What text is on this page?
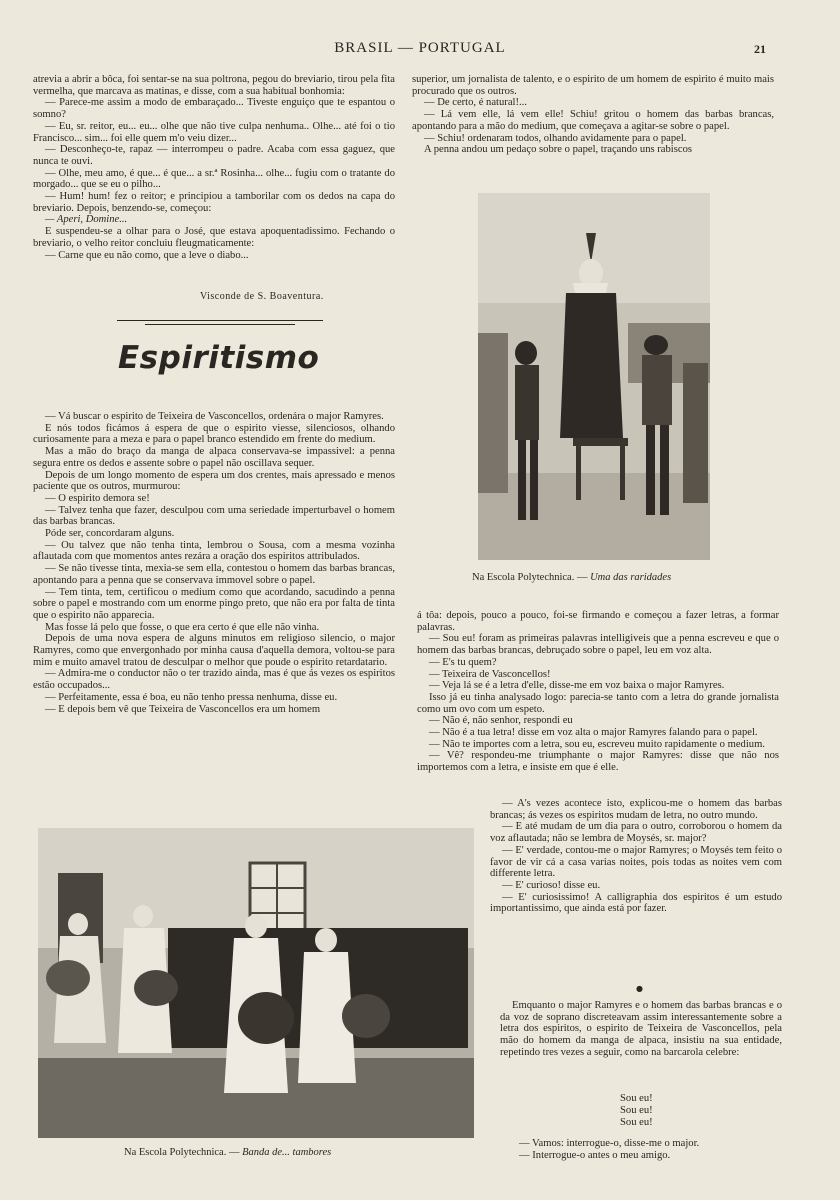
BRASIL — PORTUGAL	21

atrevia a abrir a bôca, foi sentar-se na sua poltrona, pegou do breviario, tirou pela fita vermelha, que marcava as matinas, e disse, com a sua habitual bonhomia:

— Parece-me assim a modo de embaraçado... Tiveste enguiço que te espantou o somno?

— Eu, sr. reitor, eu... eu... olhe que não tive culpa nenhuma.. Olhe... até foi o tio Francisco... sim... foi elle quem m'o veiu dizer...

— Desconheço-te, rapaz — interrompeu o padre. Acaba com essa gaguez, que nunca te ouvi.

— Olhe, meu amo, é que... é que... a sr.ª Rosinha... olhe... fugiu com o tratante do morgado... que se eu o pilho...

— Hum! hum! fez o reitor; e principiou a tamborilar com os dedos na capa do breviario. Depois, benzendo-se, começou:

— Aperi, Domine...

E suspendeu-se a olhar para o José, que estava apoquentadissimo. Fechando o breviario, o velho reitor concluiu fleugmaticamente:

— Carne que eu não como, que a leve o diabo...

Visconde de S. Boaventura.
Espiritismo

— Vá buscar o espirito de Teixeira de Vasconcellos, ordenára o major Ramyres.

E nós todos ficámos á espera de que o espirito viesse, silenciosos, olhando curiosamente para a meza e para o papel branco estendido em frente do medium.

Mas a mão do braço da manga de alpaca conservava-se impassivel: a penna segura entre os dedos e assente sobre o papel não oscillava sequer.

Depois de um longo momento de espera um dos crentes, mais apressado e menos paciente que os outros, murmurou:

— O espirito demora se!

— Talvez tenha que fazer, desculpou com uma seriedade imperturbavel o homem das barbas brancas.

Póde ser, concordaram alguns.

— Ou talvez que não tenha tinta, lembrou o Sousa, com a mesma vozinha aflautada com que momentos antes rezára a oração dos espiritos attribulados.

— Se não tivesse tinta, mexia-se sem ella, contestou o homem das barbas brancas, apontando para a penna que se conservava immovel sobre o papel.

— Tem tinta, tem, certificou o medium como que acordando, sacudindo a penna sobre o papel e mostrando com um enorme pingo preto, que não era por falta de tinta que o espirito não apparecia.

Mas fosse lá pelo que fosse, o que era certo é que elle não vinha.

Depois de uma nova espera de alguns minutos em religioso silencio, o major Ramyres, como que envergonhado por minha causa d'aquella demora, voltou-se para mim e muito amavel tratou de desculpar o melhor que poude o espirito retardatario.

— Admira-me o conductor não o ter trazido ainda, mas é que ás vezes os espiritos estão occupados...

— Perfeitamente, essa é boa, eu não tenho pressa nenhuma, disse eu.

— E depois bem vê que Teixeira de Vasconcellos era um homem

superior, um jornalista de talento, e o espirito de um homem de espirito é muito mais procurado que os outros.

— De certo, é natural!...

— Lá vem elle, lá vem elle! Schiu! gritou o homem das barbas brancas, apontando para a mão do medium, que começava a agitar-se sobre o papel.

— Schiu! ordenaram todos, olhando avidamente para o papel.

A penna andou um pedaço sobre o papel, traçando uns rabiscos

Na Escola Polytechnica. — Uma das raridades

á tôa: depois, pouco a pouco, foi-se firmando e começou a fazer letras, a formar palavras.

— Sou eu! foram as primeiras palavras intelligiveis que a penna escreveu e que o homem das barbas brancas, debruçado sobre o papel, leu em voz alta.

— E's tu quem?

— Teixeira de Vasconcellos!

— Veja lá se é a letra d'elle, disse-me em voz baixa o major Ramyres.

Isso já eu tinha analysado logo: parecia-se tanto com a letra do grande jornalista como um ovo com um espeto.

— Não é, não senhor, respondi eu

— Não é a tua letra! disse em voz alta o major Ramyres falando para o papel.

— Não te importes com a letra, sou eu, escreveu muito rapidamente o medium.

— Vê? respondeu-me triumphante o major Ramyres: disse que não nos importemos com a letra, e insiste em que é elle.

— A's vezes acontece isto, explicou-me o homem das barbas brancas; ás vezes os espiritos mudam de letra, no outro mundo.

— E até mudam de um dia para o outro, corroborou o homem da voz aflautada; não se lembra de Moysés, sr. major?

— E' verdade, contou-me o major Ramyres; o Moysés tem feito o favor de vir cá a casa varias noites, pois todas as noites vem com differente letra.

— E' curioso! disse eu.

— E' curiosissimo! A calligraphia dos espiritos é um estudo importantissimo, que ainda está por fazer.

●

Emquanto o major Ramyres e o homem das barbas brancas e o da voz de soprano discreteavam assim interessantemente sobre a letra dos espiritos, o espirito de Teixeira de Vasconcellos, pela mão do homem da manga de alpaca, insistiu na sua entidade, repetindo tres vezes a seguir, como na barcarola celebre:

Sou eu!
Sou eu!
Sou eu!
— Vamos: interrogue-o, disse-me o major.
— Interrogue-o antes o meu amigo.
Na Escola Polytechnica. — Banda de... tambores
